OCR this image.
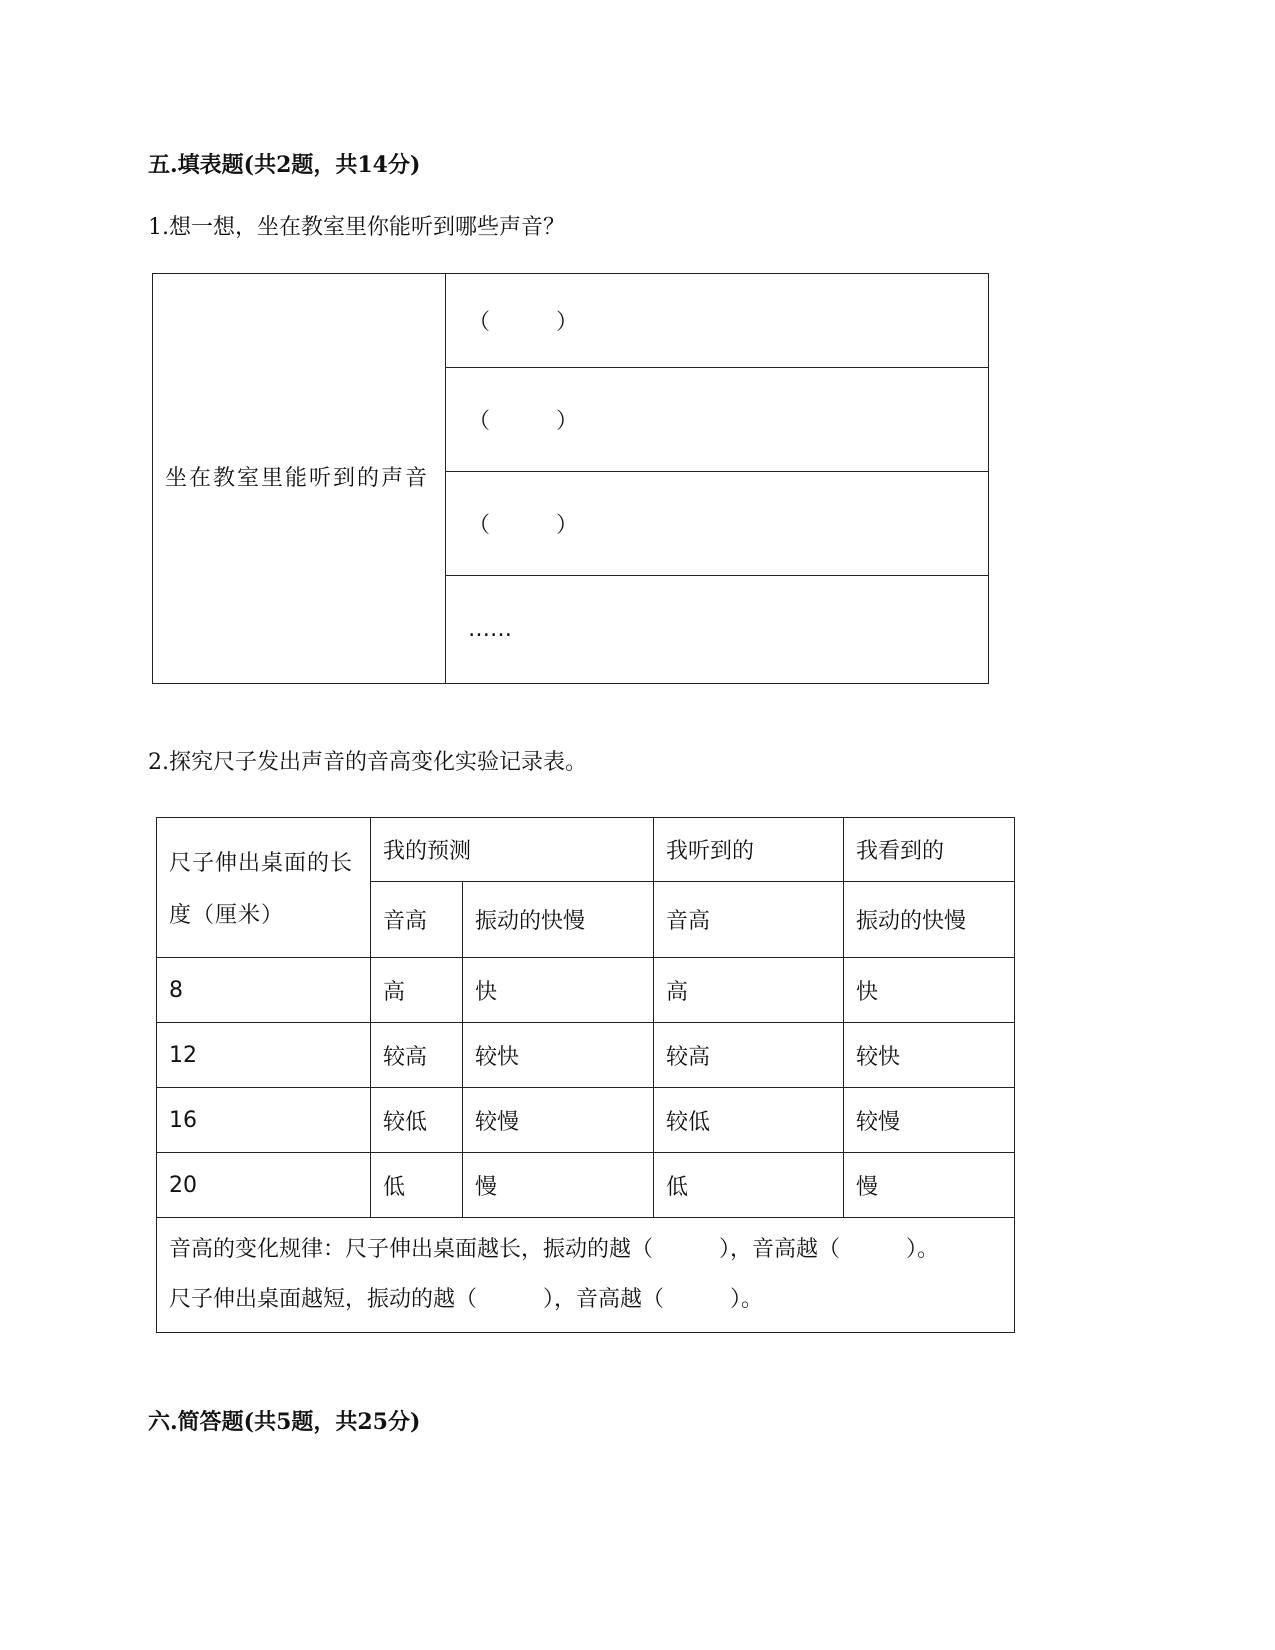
五.填表题(共2题，共14分)
1.想一想，坐在教室里你能听到哪些声音？
坐在教室里能听到的声音	（　　　）
（　　　）
（　　　）
……
2.探究尺子发出声音的音高变化实验记录表。
尺子伸出桌面的长度（厘米）	我的预测		我听到的	我看到的
	音高	振动的快慢	音高	振动的快慢
8	高	快	高	快
12	较高	较快	较高	较快
16	较低	较慢	较低	较慢
20	低	慢	低	慢

音高的变化规律：尺子伸出桌面越长，振动的越（　　　），音高越（　　　）。
尺子伸出桌面越短，振动的越（　　　），音高越（　　　）。				
六.简答题(共5题，共25分)
